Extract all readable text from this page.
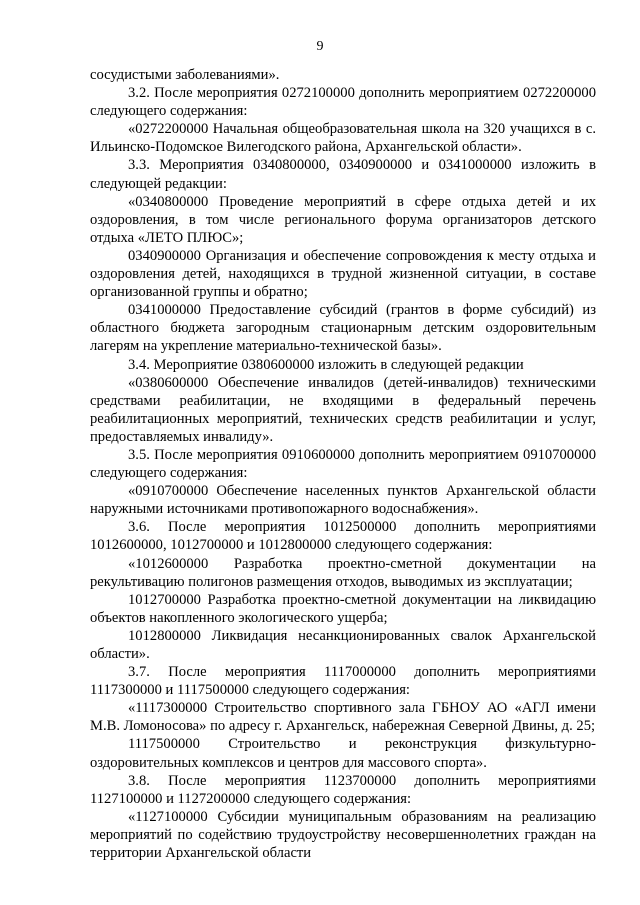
9

сосудистыми заболеваниями».

3.2. После мероприятия 0272100000 дополнить мероприятием 0272200000 следующего содержания:

«0272200000 Начальная общеобразовательная школа на 320 учащихся в с. Ильинско-Подомское Вилегодского района, Архангельской области».

3.3. Мероприятия 0340800000, 0340900000 и 0341000000 изложить в следующей редакции:

«0340800000 Проведение мероприятий в сфере отдыха детей и их оздоровления, в том числе регионального форума организаторов детского отдыха «ЛЕТО ПЛЮС»;

0340900000 Организация и обеспечение сопровождения к месту отдыха и оздоровления детей, находящихся в трудной жизненной ситуации, в составе организованной группы и обратно;

0341000000 Предоставление субсидий (грантов в форме субсидий) из областного бюджета загородным стационарным детским оздоровительным лагерям на укрепление материально-технической базы».

3.4. Мероприятие 0380600000 изложить в следующей редакции

«0380600000 Обеспечение инвалидов (детей-инвалидов) техническими средствами реабилитации, не входящими в федеральный перечень реабилитационных мероприятий, технических средств реабилитации и услуг, предоставляемых инвалиду».

3.5. После мероприятия 0910600000 дополнить мероприятием 0910700000 следующего содержания:

«0910700000 Обеспечение населенных пунктов Архангельской области наружными источниками противопожарного водоснабжения».

3.6. После мероприятия 1012500000 дополнить мероприятиями 1012600000, 1012700000 и 1012800000 следующего содержания:

«1012600000 Разработка проектно-сметной документации на рекультивацию полигонов размещения отходов, выводимых из эксплуатации;

1012700000 Разработка проектно-сметной документации на ликвидацию объектов накопленного экологического ущерба;

1012800000 Ликвидация несанкционированных свалок Архангельской области».

3.7. После мероприятия 1117000000 дополнить мероприятиями 1117300000 и 1117500000 следующего содержания:

«1117300000 Строительство спортивного зала ГБНОУ АО «АГЛ имени М.В. Ломоносова» по адресу г. Архангельск, набережная Северной Двины, д. 25;

1117500000 Строительство и реконструкция физкультурно-оздоровительных комплексов и центров для массового спорта».

3.8. После мероприятия 1123700000 дополнить мероприятиями 1127100000 и 1127200000 следующего содержания:

«1127100000 Субсидии муниципальным образованиям на реализацию мероприятий по содействию трудоустройству несовершеннолетних граждан на территории Архангельской области
